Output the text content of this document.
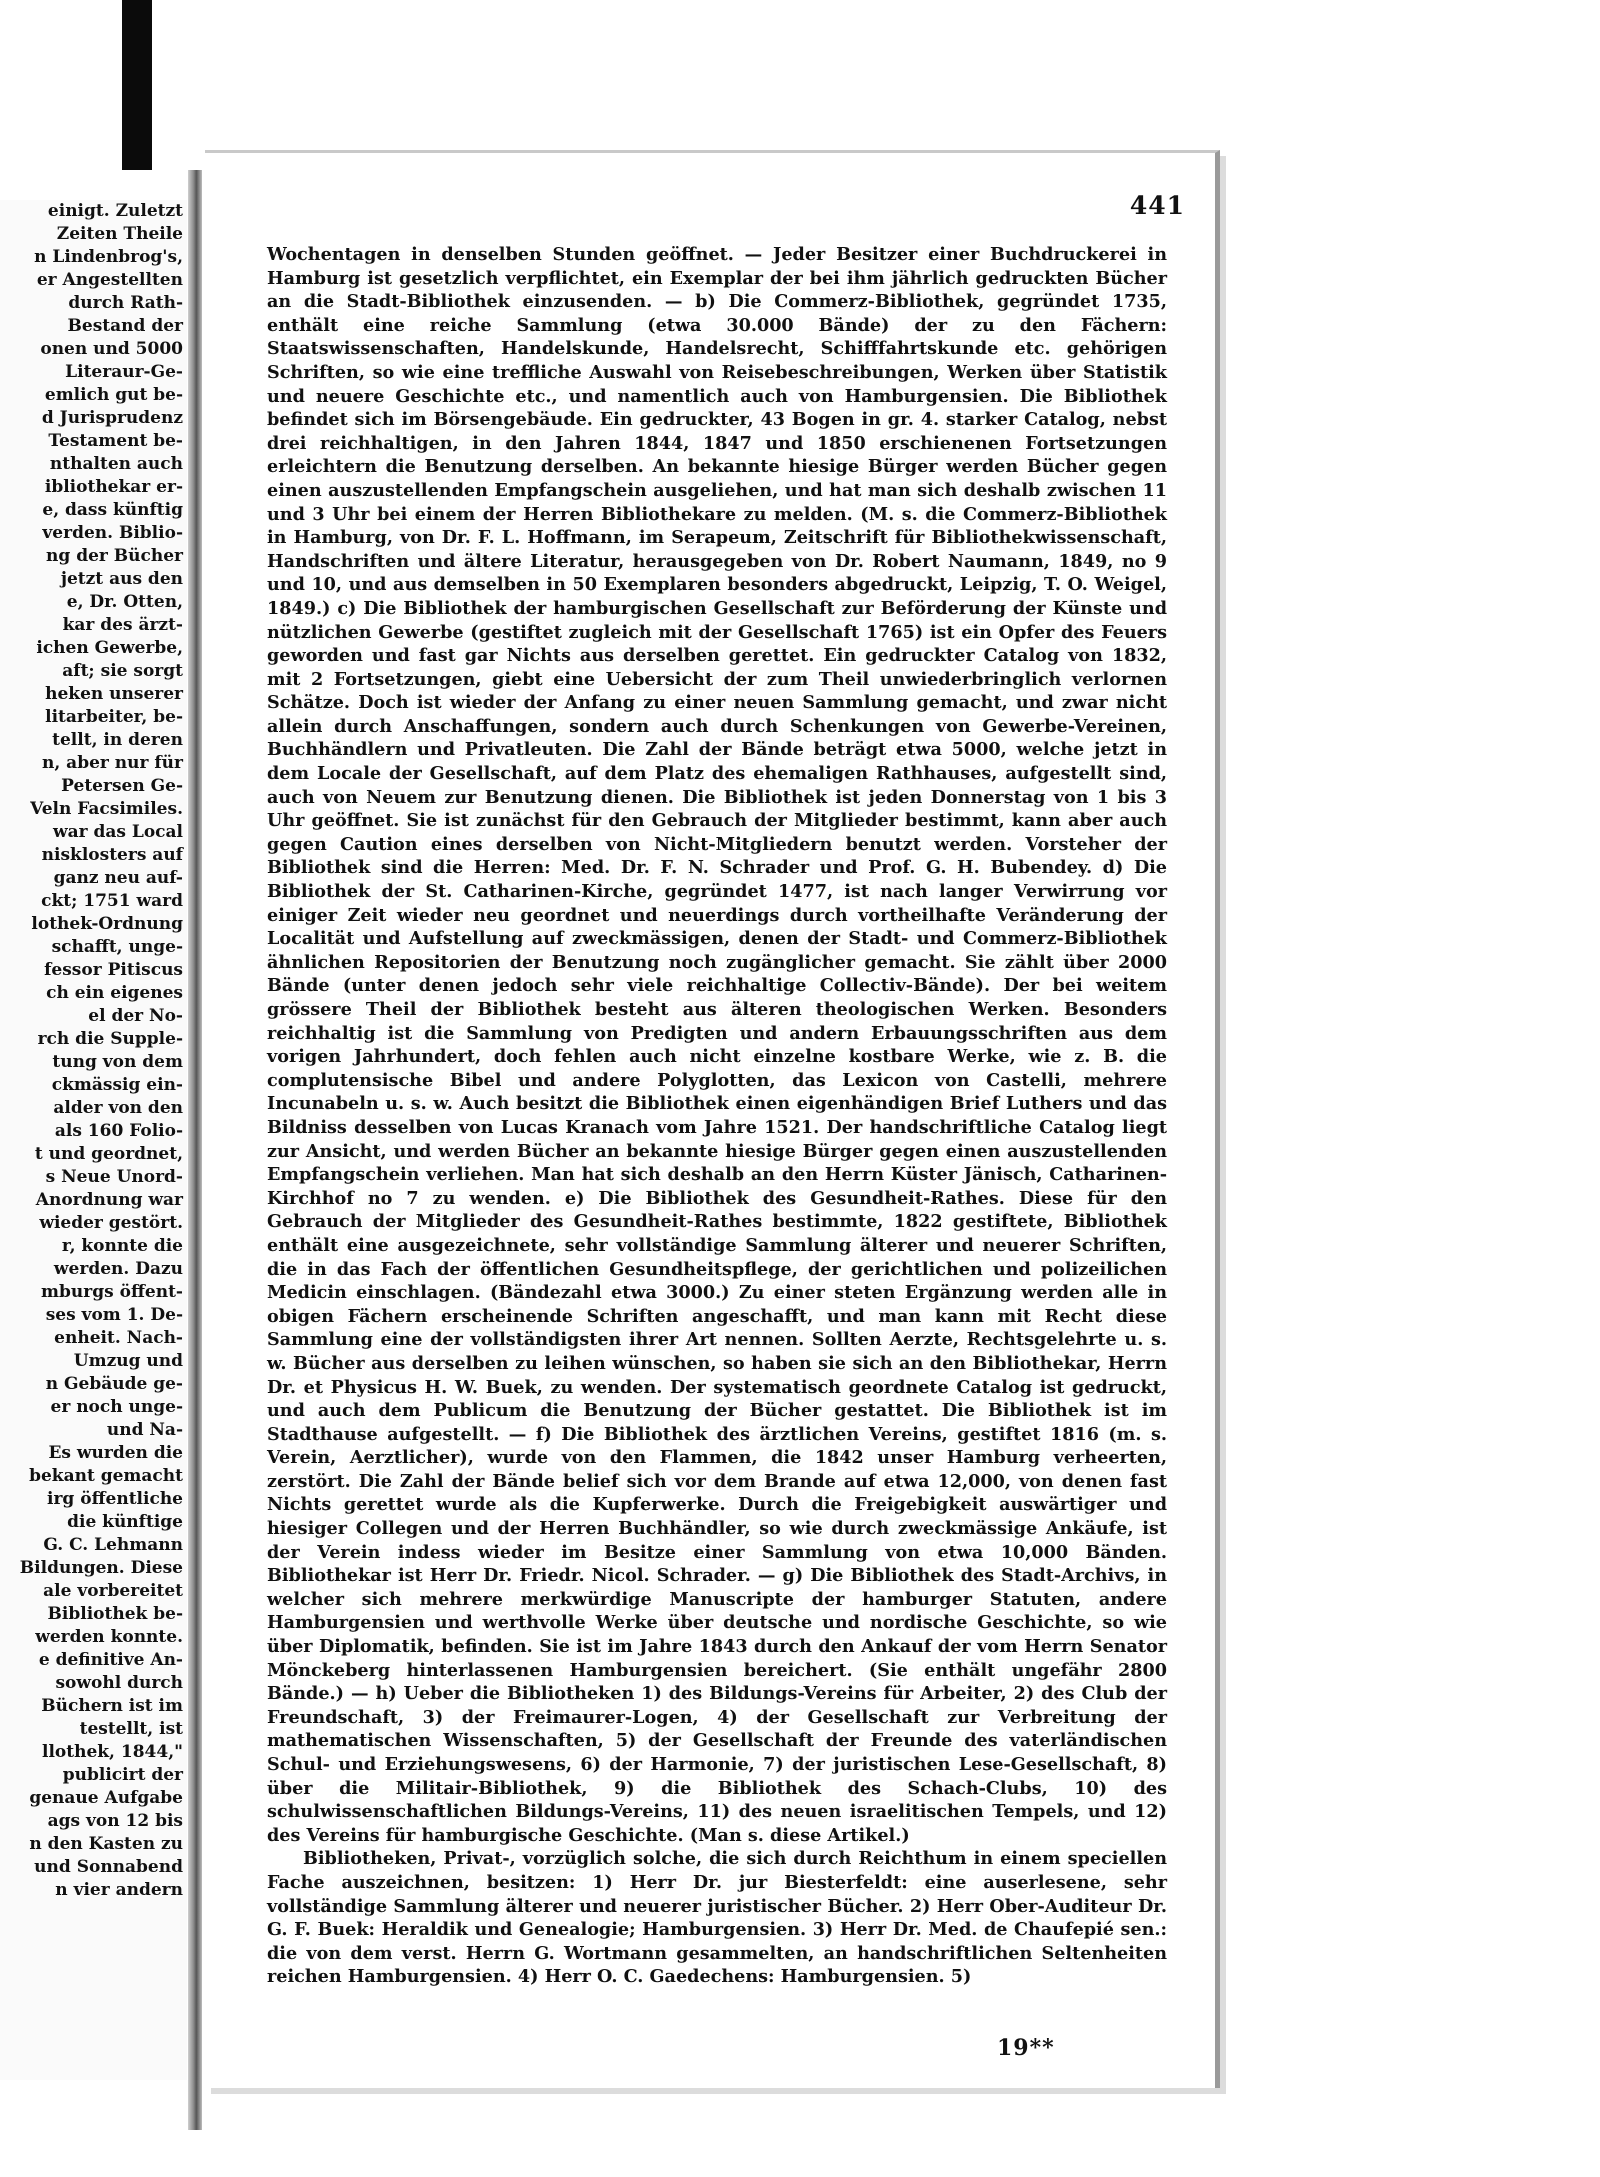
einigt. Zuletzt
Zeiten Theile
n Lindenbrog's,
er Angestellten
durch Rath-
Bestand der
onen und 5000
Literaur-Ge-
emlich gut be-
d Jurisprudenz
Testament be-
nthalten auch
ibliothekar er-
e, dass künftig
verden. Biblio-
ng der Bücher
jetzt aus den
e, Dr. Otten,
kar des ärzt-
ichen Gewerbe,
aft; sie sorgt
heken unserer
litarbeiter, be-
tellt, in deren
n, aber nur für
Petersen Ge-
Veln Facsimiles.
war das Local
nisklosters auf
ganz neu auf-
ckt; 1751 ward
lothek-Ordnung
schafft, unge-
fessor Pitiscus
ch ein eigenes
el der No-
rch die Supple-
tung von dem
ckmässig ein-
alder von den
als 160 Folio-
t und geordnet,
s Neue Unord-
Anordnung war
wieder gestört.
r, konnte die
werden. Dazu
mburgs öffent-
ses vom 1. De-
enheit. Nach-
Umzug und
n Gebäude ge-
er noch unge-
und Na-
Es wurden die
bekant gemacht
irg öffentliche
die künftige
G. C. Lehmann
Bildungen. Diese
ale vorbereitet
Bibliothek be-
werden konnte.
e definitive An-
sowohl durch
Büchern ist im
testellt, ist
llothek, 1844,"
publicirt der
genaue Aufgabe
ags von 12 bis
n den Kasten zu
und Sonnabend
n vier andern
441

Wochentagen in denselben Stunden geöffnet. — Jeder Besitzer einer Buchdruckerei in Hamburg ist gesetzlich verpflichtet, ein Exemplar der bei ihm jährlich gedruckten Bücher an die Stadt-Bibliothek einzusenden. — b) Die Commerz-Bibliothek, gegründet 1735, enthält eine reiche Sammlung (etwa 30.000 Bände) der zu den Fächern: Staatswissenschaften, Handelskunde, Handelsrecht, Schifffahrtskunde etc. gehörigen Schriften, so wie eine treffliche Auswahl von Reisebeschreibungen, Werken über Statistik und neuere Geschichte etc., und namentlich auch von Hamburgensien. Die Bibliothek befindet sich im Börsengebäude. Ein gedruckter, 43 Bogen in gr. 4. starker Catalog, nebst drei reichhaltigen, in den Jahren 1844, 1847 und 1850 erschienenen Fortsetzungen erleichtern die Benutzung derselben. An bekannte hiesige Bürger werden Bücher gegen einen auszustellenden Empfangschein ausgeliehen, und hat man sich deshalb zwischen 11 und 3 Uhr bei einem der Herren Bibliothekare zu melden. (M. s. die Commerz-Bibliothek in Hamburg, von Dr. F. L. Hoffmann, im Serapeum, Zeitschrift für Bibliothekwissenschaft, Handschriften und ältere Literatur, herausgegeben von Dr. Robert Naumann, 1849, no 9 und 10, und aus demselben in 50 Exemplaren besonders abgedruckt, Leipzig, T. O. Weigel, 1849.) c) Die Bibliothek der hamburgischen Gesellschaft zur Beförderung der Künste und nützlichen Gewerbe (gestiftet zugleich mit der Gesellschaft 1765) ist ein Opfer des Feuers geworden und fast gar Nichts aus derselben gerettet. Ein gedruckter Catalog von 1832, mit 2 Fortsetzungen, giebt eine Uebersicht der zum Theil unwiederbringlich verlornen Schätze. Doch ist wieder der Anfang zu einer neuen Sammlung gemacht, und zwar nicht allein durch Anschaffungen, sondern auch durch Schenkungen von Gewerbe-Vereinen, Buchhändlern und Privatleuten. Die Zahl der Bände beträgt etwa 5000, welche jetzt in dem Locale der Gesellschaft, auf dem Platz des ehemaligen Rathhauses, aufgestellt sind, auch von Neuem zur Benutzung dienen. Die Bibliothek ist jeden Donnerstag von 1 bis 3 Uhr geöffnet. Sie ist zunächst für den Gebrauch der Mitglieder bestimmt, kann aber auch gegen Caution eines derselben von Nicht-Mitgliedern benutzt werden. Vorsteher der Bibliothek sind die Herren: Med. Dr. F. N. Schrader und Prof. G. H. Bubendey. d) Die Bibliothek der St. Catharinen-Kirche, gegründet 1477, ist nach langer Verwirrung vor einiger Zeit wieder neu geordnet und neuerdings durch vortheilhafte Veränderung der Localität und Aufstellung auf zweckmässigen, denen der Stadt- und Commerz-Bibliothek ähnlichen Repositorien der Benutzung noch zugänglicher gemacht. Sie zählt über 2000 Bände (unter denen jedoch sehr viele reichhaltige Collectiv-Bände). Der bei weitem grössere Theil der Bibliothek besteht aus älteren theologischen Werken. Besonders reichhaltig ist die Sammlung von Predigten und andern Erbauungsschriften aus dem vorigen Jahrhundert, doch fehlen auch nicht einzelne kostbare Werke, wie z. B. die complutensische Bibel und andere Polyglotten, das Lexicon von Castelli, mehrere Incunabeln u. s. w. Auch besitzt die Bibliothek einen eigenhändigen Brief Luthers und das Bildniss desselben von Lucas Kranach vom Jahre 1521. Der handschriftliche Catalog liegt zur Ansicht, und werden Bücher an bekannte hiesige Bürger gegen einen auszustellenden Empfangschein verliehen. Man hat sich deshalb an den Herrn Küster Jänisch, Catharinen-Kirchhof no 7 zu wenden. e) Die Bibliothek des Gesundheit-Rathes. Diese für den Gebrauch der Mitglieder des Gesundheit-Rathes bestimmte, 1822 gestiftete, Bibliothek enthält eine ausgezeichnete, sehr vollständige Sammlung älterer und neuerer Schriften, die in das Fach der öffentlichen Gesundheitspflege, der gerichtlichen und polizeilichen Medicin einschlagen. (Bändezahl etwa 3000.) Zu einer steten Ergänzung werden alle in obigen Fächern erscheinende Schriften angeschafft, und man kann mit Recht diese Sammlung eine der vollständigsten ihrer Art nennen. Sollten Aerzte, Rechtsgelehrte u. s. w. Bücher aus derselben zu leihen wünschen, so haben sie sich an den Bibliothekar, Herrn Dr. et Physicus H. W. Buek, zu wenden. Der systematisch geordnete Catalog ist gedruckt, und auch dem Publicum die Benutzung der Bücher gestattet. Die Bibliothek ist im Stadthause aufgestellt. — f) Die Bibliothek des ärztlichen Vereins, gestiftet 1816 (m. s. Verein, Aerztlicher), wurde von den Flammen, die 1842 unser Hamburg verheerten, zerstört. Die Zahl der Bände belief sich vor dem Brande auf etwa 12,000, von denen fast Nichts gerettet wurde als die Kupferwerke. Durch die Freigebigkeit auswärtiger und hiesiger Collegen und der Herren Buchhändler, so wie durch zweckmässige Ankäufe, ist der Verein indess wieder im Besitze einer Sammlung von etwa 10,000 Bänden. Bibliothekar ist Herr Dr. Friedr. Nicol. Schrader. — g) Die Bibliothek des Stadt-Archivs, in welcher sich mehrere merkwürdige Manuscripte der hamburger Statuten, andere Hamburgensien und werthvolle Werke über deutsche und nordische Geschichte, so wie über Diplomatik, befinden. Sie ist im Jahre 1843 durch den Ankauf der vom Herrn Senator Mönckeberg hinterlassenen Hamburgensien bereichert. (Sie enthält ungefähr 2800 Bände.) — h) Ueber die Bibliotheken 1) des Bildungs-Vereins für Arbeiter, 2) des Club der Freundschaft, 3) der Freimaurer-Logen, 4) der Gesellschaft zur Verbreitung der mathematischen Wissenschaften, 5) der Gesellschaft der Freunde des vaterländischen Schul- und Erziehungswesens, 6) der Harmonie, 7) der juristischen Lese-Gesellschaft, 8) über die Militair-Bibliothek, 9) die Bibliothek des Schach-Clubs, 10) des schulwissenschaftlichen Bildungs-Vereins, 11) des neuen israelitischen Tempels, und 12) des Vereins für hamburgische Geschichte. (Man s. diese Artikel.)

Bibliotheken, Privat-, vorzüglich solche, die sich durch Reichthum in einem speciellen Fache auszeichnen, besitzen: 1) Herr Dr. jur Biesterfeldt: eine auserlesene, sehr vollständige Sammlung älterer und neuerer juristischer Bücher. 2) Herr Ober-Auditeur Dr. G. F. Buek: Heraldik und Genealogie; Hamburgensien. 3) Herr Dr. Med. de Chaufepié sen.: die von dem verst. Herrn G. Wortmann gesammelten, an handschriftlichen Seltenheiten reichen Hamburgensien. 4) Herr O. C. Gaedechens: Hamburgensien. 5)

19**
